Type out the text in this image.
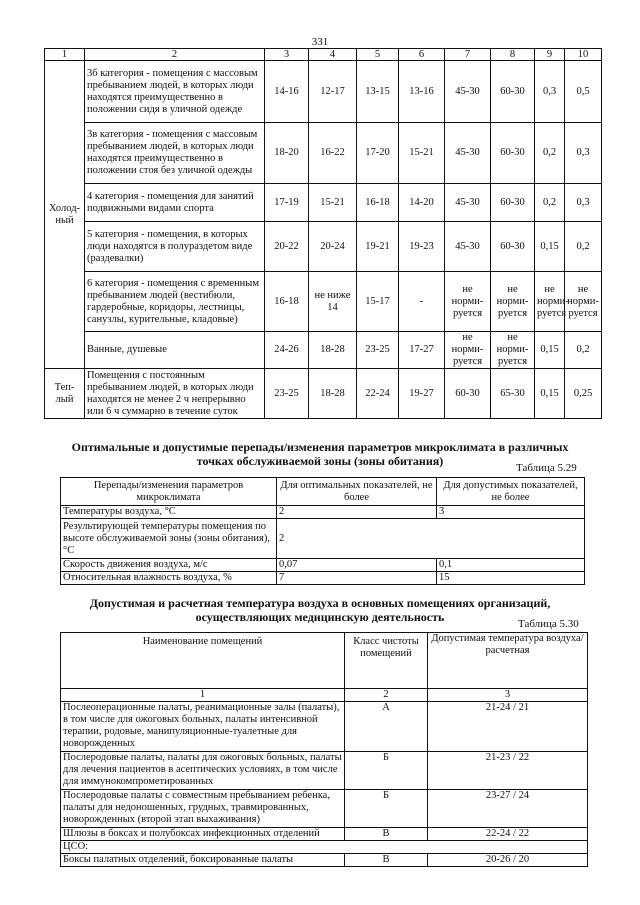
331
1	2	3	4	5	6	7	8	9	10
Холод-ный	3б категория - помещения с массовым пребыванием людей, в которых люди находятся преимущественно в положении сидя в уличной одежде	14-16	12-17	13-15	13-16	45-30	60-30	0,3	0,5
	3в категория - помещения с массовым пребыванием людей, в которых люди находятся преимущественно в положении стоя без уличной одежды	18-20	16-22	17-20	15-21	45-30	60-30	0,2	0,3
	4 категория - помещения для занятий подвижными видами спорта	17-19	15-21	16-18	14-20	45-30	60-30	0,2	0,3
	5 категория - помещения, в которых люди находятся в полураздетом виде (раздевалки)	20-22	20-24	19-21	19-23	45-30	60-30	0,15	0,2
	6 категория - помещения с временным пребыванием людей (вестибюли, гардеробные, коридоры, лестницы, санузлы, курительные, кладовые)	16-18	не ниже 14	15-17	-	не норми-руется	не норми-руется	не норми-руется	не норми-руется
	Ванные, душевые	24-26	18-28	23-25	17-27	не норми-руется	не норми-руется	0,15	0,2
Теп-лый	Помещения с постоянным пребыванием людей, в которых люди находятся не менее 2 ч непрерывно или 6 ч суммарно в течение суток	23-25	18-28	22-24	19-27	60-30	65-30	0,15	0,25
Оптимальные и допустимые перепады/изменения параметров микроклимата в различных точках обслуживаемой зоны (зоны обитания)	Таблица 5.29
Перепады/изменения параметров микроклимата	Для оптимальных показателей, не более	Для допустимых показателей, не более
Температуры воздуха, °С	2	3
Результирующей температуры помещения по высоте обслуживаемой зоны (зоны обитания), °С	2	
Скорость движения воздуха, м/с	0,07	0,1
Относительная влажность воздуха, %	7	15
Допустимая и расчетная температура воздуха в основных помещениях организаций, осуществляющих медицинскую деятельность	Таблица 5.30
Наименование помещений	Класс чистоты помещений	Допустимая температура воздуха/ расчетная
1	2	3
Послеоперационные палаты, реанимационные залы (палаты), в том числе для ожоговых больных, палаты интенсивной терапии, родовые, манипуляционные-туалетные для новорожденных	А	21-24 / 21
Послеродовые палаты, палаты для ожоговых больных, палаты для лечения пациентов в асептических условиях, в том числе для иммунокомпрометированных	Б	21-23 / 22
Послеродовые палаты с совместным пребыванием ребенка, палаты для недоношенных, грудных, травмированных, новорожденных (второй этап выхаживания)	Б	23-27 / 24
Шлюзы в боксах и полубоксах инфекционных отделений	В	22-24 / 22
ЦСО:		
Боксы палатных отделений, боксированные палаты	В	20-26 / 20
